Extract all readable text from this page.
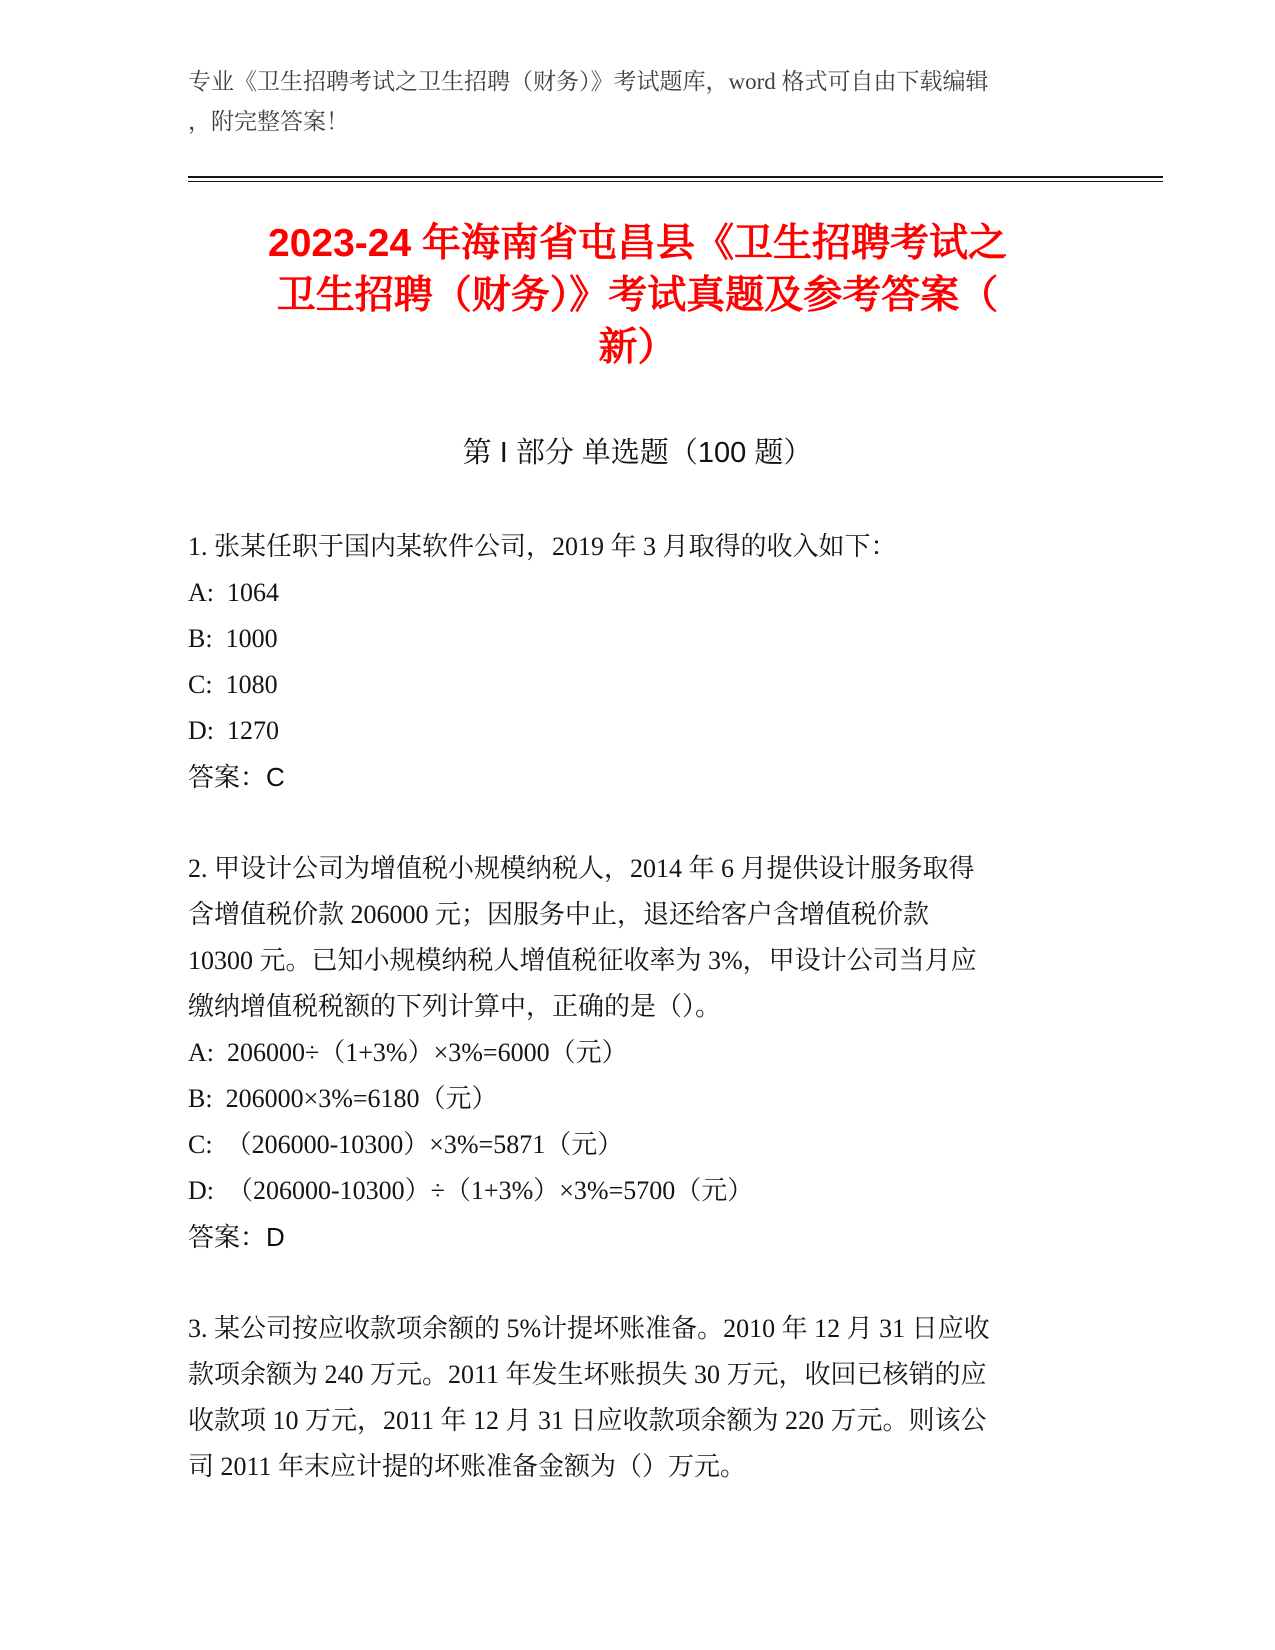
专业《卫生招聘考试之卫生招聘（财务）》考试题库，word 格式可自由下载编辑
，附完整答案！
2023-24 年海南省屯昌县《卫生招聘考试之
卫生招聘（财务）》考试真题及参考答案（
新）
第 I 部分 单选题（100 题）
1. 张某任职于国内某软件公司，2019 年 3 月取得的收入如下：
A:  1064
B:  1000
C:  1080
D:  1270
答案：C
2. 甲设计公司为增值税小规模纳税人，2014 年 6 月提供设计服务取得
含增值税价款 206000 元；因服务中止，退还给客户含增值税价款
10300 元。已知小规模纳税人增值税征收率为 3%，甲设计公司当月应
缴纳增值税税额的下列计算中，正确的是（）。
A:  206000÷（1+3%）×3%=6000（元）
B:  206000×3%=6180（元）
C:  （206000-10300）×3%=5871（元）
D:  （206000-10300）÷（1+3%）×3%=5700（元）
答案：D
3. 某公司按应收款项余额的 5%计提坏账准备。2010 年 12 月 31 日应收
款项余额为 240 万元。2011 年发生坏账损失 30 万元，收回已核销的应
收款项 10 万元，2011 年 12 月 31 日应收款项余额为 220 万元。则该公
司 2011 年末应计提的坏账准备金额为（）万元。
